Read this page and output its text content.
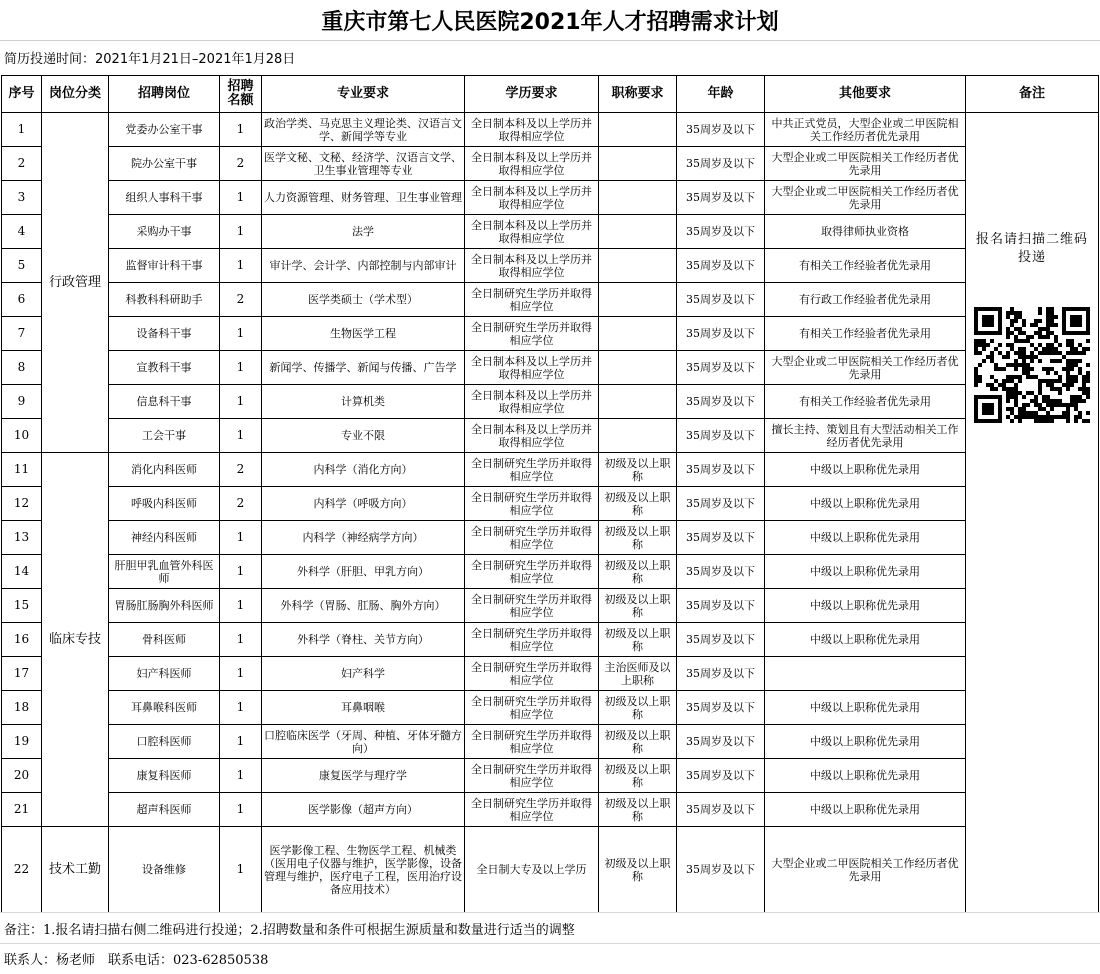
重庆市第七人民医院2021年人才招聘需求计划
简历投递时间：2021年1月21日–2021年1月28日
序号	岗位分类	招聘岗位	招聘名额	专业要求	学历要求	职称要求	年龄	其他要求	备注
1	行政管理	党委办公室干事	1	政治学类、马克思主义理论类、汉语言文学、新闻学等专业	全日制本科及以上学历并取得相应学位		35周岁及以下	中共正式党员，大型企业或二甲医院相关工作经历者优先录用	报名请扫描二维码投递

2		院办公室干事	2	医学文秘、文秘、经济学、汉语言文学、卫生事业管理等专业	全日制本科及以上学历并取得相应学位		35周岁及以下	大型企业或二甲医院相关工作经历者优先录用	
3		组织人事科干事	1	人力资源管理、财务管理、卫生事业管理	全日制本科及以上学历并取得相应学位		35周岁及以下	大型企业或二甲医院相关工作经历者优先录用	
4		采购办干事	1	法学	全日制本科及以上学历并取得相应学位		35周岁及以下	取得律师执业资格	
5		监督审计科干事	1	审计学、会计学、内部控制与内部审计	全日制本科及以上学历并取得相应学位		35周岁及以下	有相关工作经验者优先录用	
6		科教科科研助手	2	医学类硕士（学术型）	全日制研究生学历并取得相应学位		35周岁及以下	有行政工作经验者优先录用	
7		设备科干事	1	生物医学工程	全日制研究生学历并取得相应学位		35周岁及以下	有相关工作经验者优先录用	
8		宣教科干事	1	新闻学、传播学、新闻与传播、广告学	全日制本科及以上学历并取得相应学位		35周岁及以下	大型企业或二甲医院相关工作经历者优先录用	
9		信息科干事	1	计算机类	全日制本科及以上学历并取得相应学位		35周岁及以下	有相关工作经验者优先录用	
10		工会干事	1	专业不限	全日制本科及以上学历并取得相应学位		35周岁及以下	擅长主持、策划且有大型活动相关工作经历者优先录用	
11	临床专技	消化内科医师	2	内科学（消化方向）	全日制研究生学历并取得相应学位	初级及以上职称	35周岁及以下	中级以上职称优先录用	
12		呼吸内科医师	2	内科学（呼吸方向）	全日制研究生学历并取得相应学位	初级及以上职称	35周岁及以下	中级以上职称优先录用	
13		神经内科医师	1	内科学（神经病学方向）	全日制研究生学历并取得相应学位	初级及以上职称	35周岁及以下	中级以上职称优先录用	
14		肝胆甲乳血管外科医师	1	外科学（肝胆、甲乳方向）	全日制研究生学历并取得相应学位	初级及以上职称	35周岁及以下	中级以上职称优先录用	
15		胃肠肛肠胸外科医师	1	外科学（胃肠、肛肠、胸外方向）	全日制研究生学历并取得相应学位	初级及以上职称	35周岁及以下	中级以上职称优先录用	
16		骨科医师	1	外科学（脊柱、关节方向）	全日制研究生学历并取得相应学位	初级及以上职称	35周岁及以下	中级以上职称优先录用	
17		妇产科医师	1	妇产科学	全日制研究生学历并取得相应学位	主治医师及以上职称	35周岁及以下		
18		耳鼻喉科医师	1	耳鼻咽喉	全日制研究生学历并取得相应学位	初级及以上职称	35周岁及以下	中级以上职称优先录用	
19		口腔科医师	1	口腔临床医学（牙周、种植、牙体牙髓方向）	全日制研究生学历并取得相应学位	初级及以上职称	35周岁及以下	中级以上职称优先录用	
20		康复科医师	1	康复医学与理疗学	全日制研究生学历并取得相应学位	初级及以上职称	35周岁及以下	中级以上职称优先录用	
21		超声科医师	1	医学影像（超声方向）	全日制研究生学历并取得相应学位	初级及以上职称	35周岁及以下	中级以上职称优先录用	
22	技术工勤	设备维修	1	医学影像工程、生物医学工程、机械类（医用电子仪器与维护，医学影像，设备管理与维护，医疗电子工程，医用治疗设备应用技术）	全日制大专及以上学历	初级及以上职称	35周岁及以下	大型企业或二甲医院相关工作经历者优先录用	
备注：1.报名请扫描右侧二维码进行投递；2.招聘数量和条件可根据生源质量和数量进行适当的调整
联系人：杨老师　联系电话：023-62850538
